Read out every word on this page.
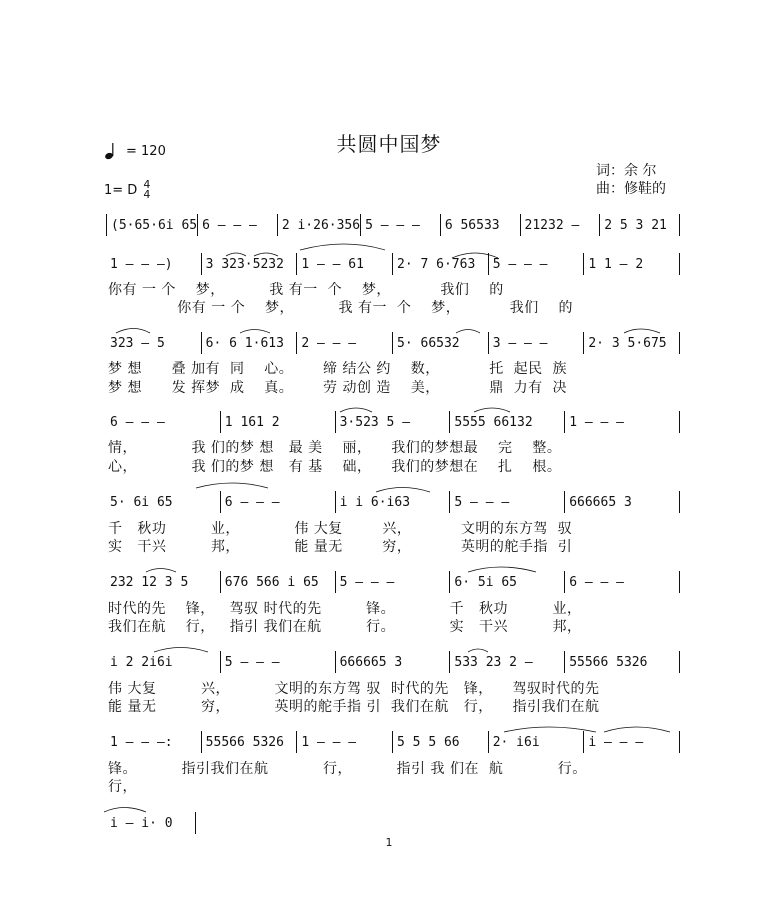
= 120	共圆中国梦
1= D 4
4
词：余 尔
曲：修鞋的
(5·65·6i 65 6 – – –	2 i·26·356 5 – – –	6 56533	21232 –	2 5 3 21
1 – – –)	3 323·5232	1 – – 61	2· 7 6·763	5 – – –	1 1 – 2
你有 一 个    梦，         我 有一  个    梦，          我们    的
你有 一 个    梦，         我 有一  个    梦，          我们    的
323 – 5	6· 6 1·613	2 – – –	5· 66532	3 – – –	2· 3 5·675
梦 想      叠 加有  同    心。      缔 结公 约    数，          托  起民  族
梦 想      发 挥梦  成    真。      劳 动创 造    美，          鼎  力有  决
6 – – –	1 161 2	3·523 5 –	5555 66132	1 – – –
情，           我 们的梦 想   最 美    丽，    我们的梦想最    完    整。
心，           我 们的梦 想   有 基    础，    我们的梦想在    扎    根。
5· 6i 65	6 – – –	i i 6·i63	5 – – –	666665 3
千   秋功         业，           伟 大复        兴，          文明的东方驾  驭
实   干兴         邦，           能 量无        穷，          英明的舵手指  引
232 12 3 5	676 566 i 65	5 – – –	6· 5i 65	6 – – –
时代的先    锋，   驾驭 时代的先         锋。           千   秋功         业，
我们在航    行，   指引 我们在航         行。           实   干兴         邦，
i 2 2i6i	5 – – –	666665 3	533 23 2 –	55566 5326
伟 大复         兴，         文明的东方驾 驭  时代的先   锋，    驾驭时代的先
能 量无         穷，         英明的舵手指 引  我们在航   行，    指引我们在航
1 – – –:	55566 5326	1 – – –	5 5 5 66	2· i6i	i – – –
锋。         指引我们在航           行，         指引 我 们在  航           行。
行，
i – i· 0
1
